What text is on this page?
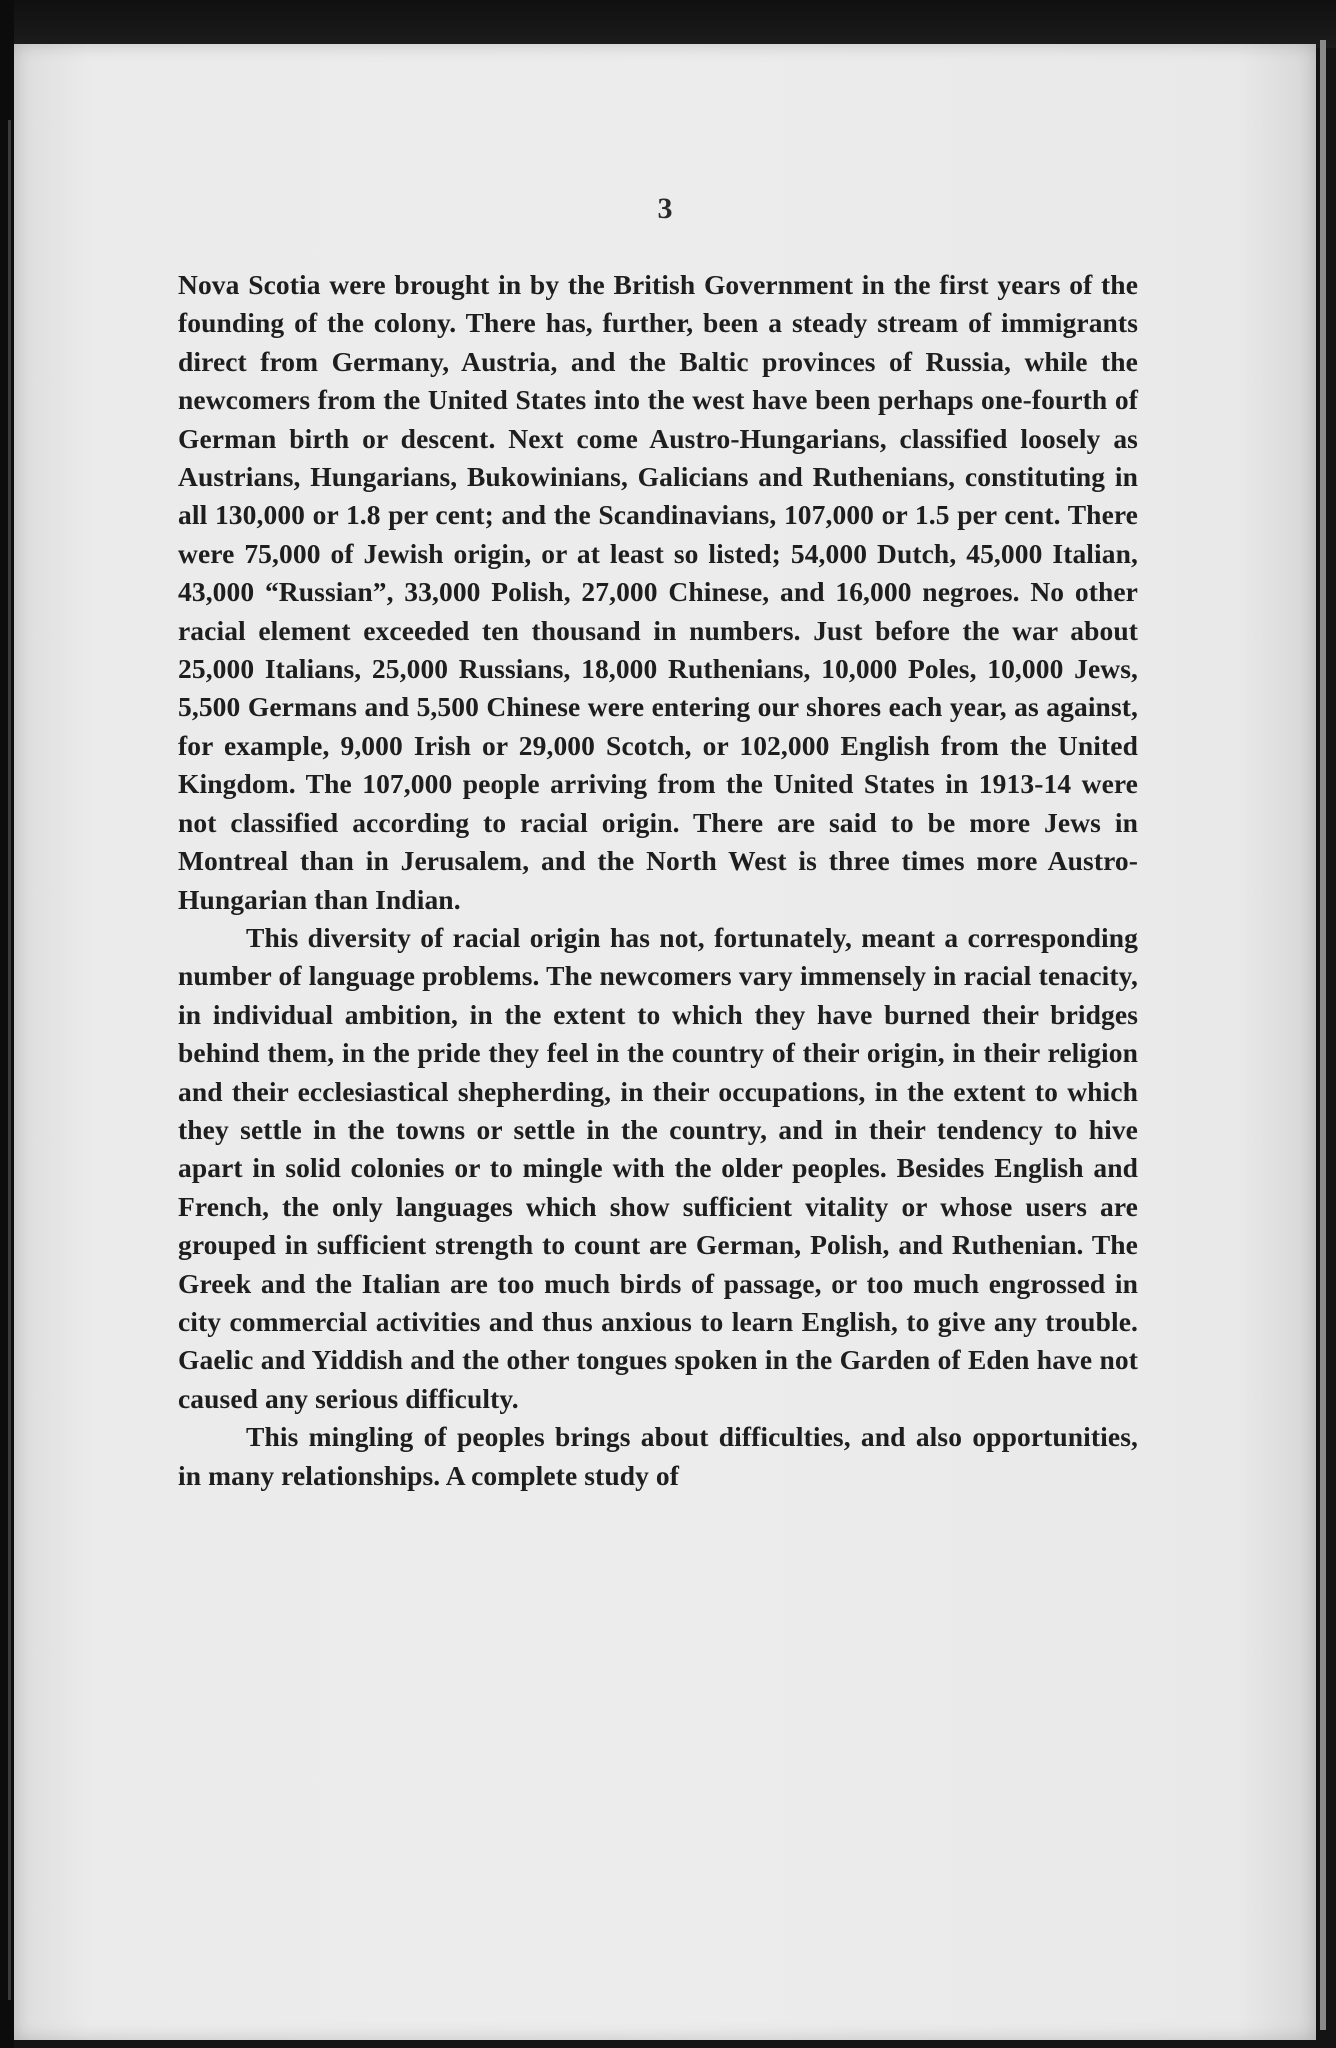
3

Nova Scotia were brought in by the British Government in the first years of the founding of the colony. There has, further, been a steady stream of immigrants direct from Germany, Austria, and the Baltic provinces of Russia, while the newcomers from the United States into the west have been perhaps one-fourth of German birth or descent. Next come Austro-Hungarians, classified loosely as Austrians, Hungarians, Bukowinians, Galicians and Ruthenians, constituting in all 130,000 or 1.8 per cent; and the Scandinavians, 107,000 or 1.5 per cent. There were 75,000 of Jewish origin, or at least so listed; 54,000 Dutch, 45,000 Italian, 43,000 “Russian”, 33,000 Polish, 27,000 Chinese, and 16,000 negroes. No other racial element exceeded ten thousand in numbers. Just before the war about 25,000 Italians, 25,000 Russians, 18,000 Ruthenians, 10,000 Poles, 10,000 Jews, 5,500 Germans and 5,500 Chinese were entering our shores each year, as against, for example, 9,000 Irish or 29,000 Scotch, or 102,000 English from the United Kingdom. The 107,000 people arriving from the United States in 1913-14 were not classified according to racial origin. There are said to be more Jews in Montreal than in Jerusalem, and the North West is three times more Austro-Hungarian than Indian.

This diversity of racial origin has not, fortunately, meant a corresponding number of language problems. The newcomers vary immensely in racial tenacity, in individual ambition, in the extent to which they have burned their bridges behind them, in the pride they feel in the country of their origin, in their religion and their ecclesiastical shepherding, in their occupations, in the extent to which they settle in the towns or settle in the country, and in their tendency to hive apart in solid colonies or to mingle with the older peoples. Besides English and French, the only languages which show sufficient vitality or whose users are grouped in sufficient strength to count are German, Polish, and Ruthenian. The Greek and the Italian are too much birds of passage, or too much engrossed in city commercial activities and thus anxious to learn English, to give any trouble. Gaelic and Yiddish and the other tongues spoken in the Garden of Eden have not caused any serious difficulty.

This mingling of peoples brings about difficulties, and also opportunities, in many relationships. A complete study of
